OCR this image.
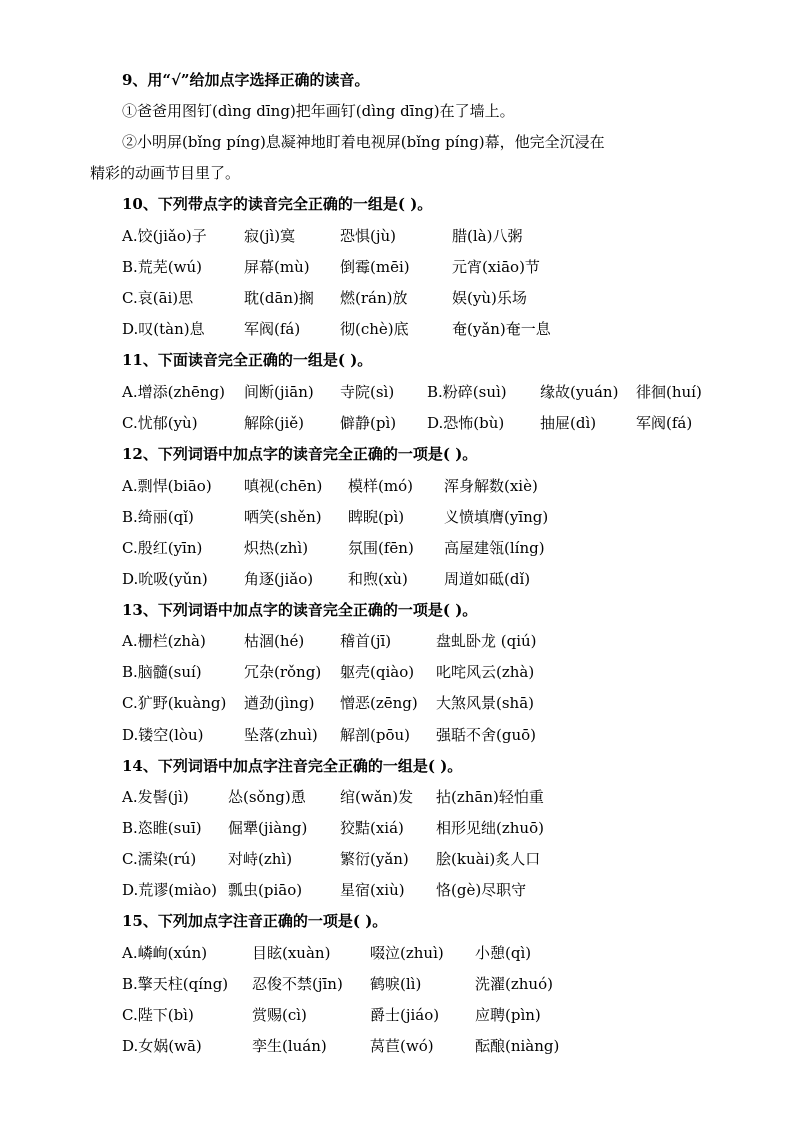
9、用“√”给加点字选择正确的读音。
①爸爸用图钉(dìng dīng)把年画钉(dìng dīng)在了墙上。
②小明屏(bǐng píng)息凝神地盯着电视屏(bǐng píng)幕，他完全沉浸在
精彩的动画节目里了。
10、下列带点字的读音完全正确的一组是( )。
A.饺(jiǎo)子 寂(jì)寞	恐惧(jù)	腊(là)八粥
B.荒芜(wú)	屏幕(mù) 倒霉(mēi)	元宵(xiāo)节
C.哀(āi)思	耽(dān)搁 燃(rán)放	娱(yù)乐场
D.叹(tàn)息	军阀(fá)	彻(chè)底	奄(yǎn)奄一息
11、下面读音完全正确的一组是( )。
A.增添(zhēng) 间断(jiān) 寺院(sì) B.粉碎(suì) 缘故(yuán) 徘徊(huí)
C.忧郁(yù)	解除(jiě) 僻静(pì) D.恐怖(bù) 抽屉(dì)	军阀(fá)
12、下列词语中加点字的读音完全正确的一项是( )。
A.剽悍(biāo) 嗔视(chēn) 模样(mó) 浑身解数(xiè)
B.绮丽(qǐ)	哂笑(shěn) 睥睨(pì)	义愤填膺(yīng)
C.殷红(yīn)	炽热(zhì)	氛围(fēn) 高屋建瓴(líng)
D.吮吸(yǔn) 角逐(jiǎo) 和煦(xù) 周道如砥(dǐ)
13、下列词语中加点字的读音完全正确的一项是( )。
A.栅栏(zhà)	枯涸(hé) 稽首(jī)	盘虬卧龙 (qiú)
B.脑髓(suí)	冗杂(rǒng) 躯壳(qiào) 叱咤风云(zhà)
C.犷野(kuàng) 遒劲(jìng) 憎恶(zēng) 大煞风景(shā)
D.镂空(lòu)	坠落(zhuì) 解剖(pōu) 强聒不舍(guō)
14、下列词语中加点字注音完全正确的一组是( )。
A.发髻(jì)	怂(sǒng)恿 绾(wǎn)发 拈(zhān)轻怕重
B.恣睢(suī) 倔犟(jiàng) 狡黠(xiá) 相形见绌(zhuō)
C.濡染(rú) 对峙(zhì)	繁衍(yǎn) 脍(kuài)炙人口
D.荒谬(miào) 瓢虫(piāo)	星宿(xiù) 恪(gè)尽职守
15、下列加点字注音正确的一项是( )。
A.嶙峋(xún)	目眩(xuàn)	啜泣(zhuì) 小憩(qì)
B.擎天柱(qíng) 忍俊不禁(jīn) 鹤唳(lì)	洗濯(zhuó)
C.陛下(bì)	赏赐(cì)	爵士(jiáo) 应聘(pìn)
D.女娲(wā)	孪生(luán)	莴苣(wó)	酝酿(niàng)
